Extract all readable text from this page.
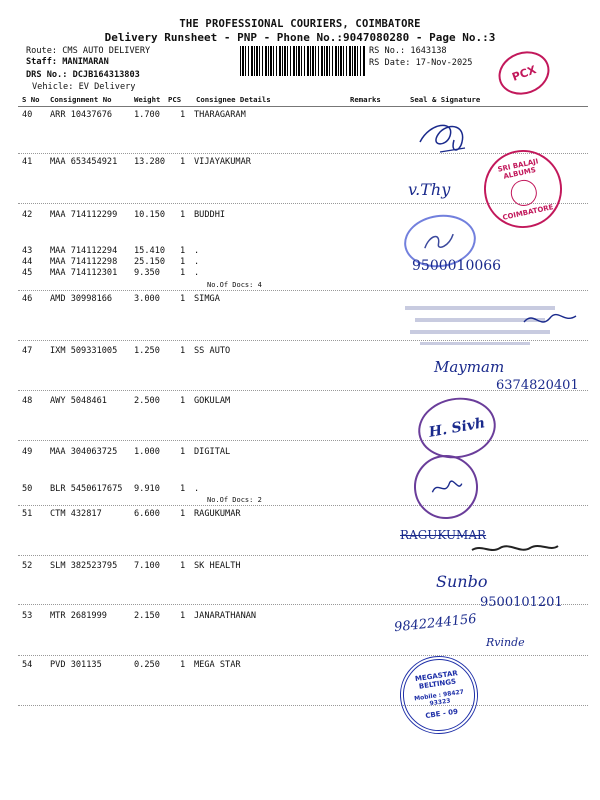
THE PROFESSIONAL COURIERS, COIMBATORE
Delivery Runsheet - PNP - Phone No.:9047080280 - Page No.:3
Route: CMS AUTO DELIVERY
Staff: MANIMARAN
DRS No.: DCJB164313803
Vehicle: EV Delivery
RS No.: 1643138
RS Date: 17-Nov-2025	PCX
S No Consignment No	Weight PCS Consignee Details	Remarks	Seal & Signature
40	ARR 10437676	1.700 1 THARAGARAM
41	MAA 653454921 13.280 1 VIJAYAKUMAR
42	MAA 714112299 10.150 1 BUDDHI
43	MAA 714112294 15.410 1 .
44	MAA 714112298 25.150 1 .
45	MAA 714112301 9.350 1 .
No.Of Docs: 4
46	AMD 30998166	3.000 1 SIMGA
47	IXM 509331005 1.250 1 SS AUTO
48	AWY 5048461	2.500 1 GOKULAM
49	MAA 304063725 1.000 1 DIGITAL
50	BLR 5450617675 9.910 1 .
No.Of Docs: 2
51	CTM 432817	6.600 1 RAGUKUMAR
52	SLM 382523795 7.100 1 SK HEALTH
53	MTR 2681999	2.150 1 JANARATHANAN
54	PVD 301135	0.250 1 MEGA STAR
v.Thy
SRI BALAJI ALBUMS
COIMBATORE
9500010066
Maymam
6374820401
H. Sivh
RAGUKUMAR
Sunbo
9500101201
9842244156
Rvinde
MEGASTAR BELTINGS
Mobile : 98427 93323
CBE - 09
